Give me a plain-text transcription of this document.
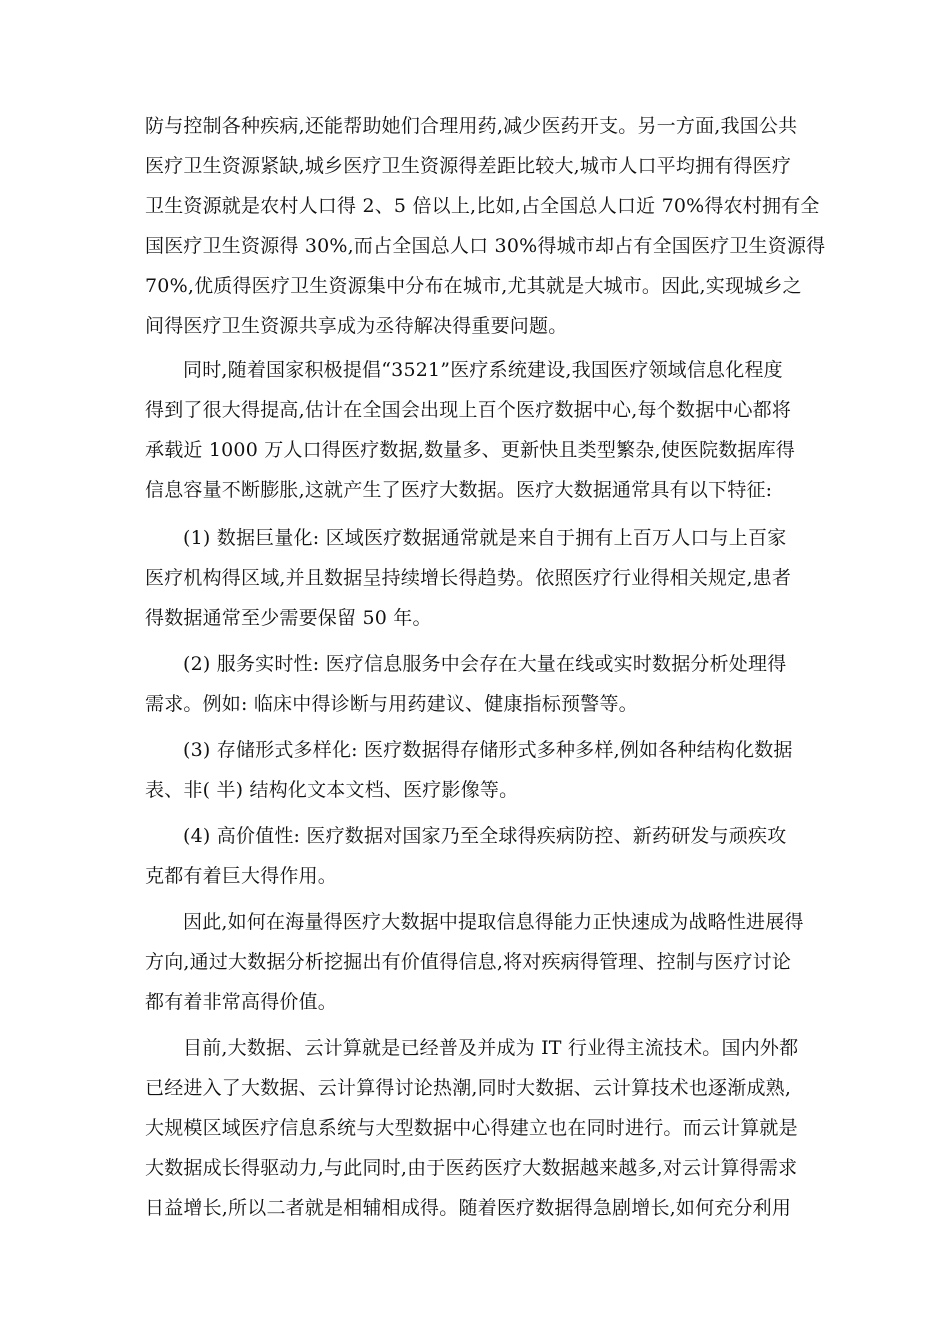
防与控制各种疾病,还能帮助她们合理用药,减少医药开支。另一方面,我国公共
医疗卫生资源紧缺,城乡医疗卫生资源得差距比较大,城市人口平均拥有得医疗
卫生资源就是农村人口得 2、5 倍以上,比如,占全国总人口近 70%得农村拥有全
国医疗卫生资源得 30%,而占全国总人口 30%得城市却占有全国医疗卫生资源得
70%,优质得医疗卫生资源集中分布在城市,尤其就是大城市。因此,实现城乡之
间得医疗卫生资源共享成为丞待解决得重要问题。
同时,随着国家积极提倡“3521”医疗系统建设,我国医疗领域信息化程度
得到了很大得提高,估计在全国会出现上百个医疗数据中心,每个数据中心都将
承载近 1000 万人口得医疗数据,数量多、更新快且类型繁杂,使医院数据库得
信息容量不断膨胀,这就产生了医疗大数据。医疗大数据通常具有以下特征:
(1) 数据巨量化: 区域医疗数据通常就是来自于拥有上百万人口与上百家
医疗机构得区域,并且数据呈持续增长得趋势。依照医疗行业得相关规定,患者
得数据通常至少需要保留 50 年。
(2) 服务实时性: 医疗信息服务中会存在大量在线或实时数据分析处理得
需求。例如: 临床中得诊断与用药建议、健康指标预警等。
(3) 存储形式多样化: 医疗数据得存储形式多种多样,例如各种结构化数据
表、非( 半) 结构化文本文档、医疗影像等。
(4) 高价值性: 医疗数据对国家乃至全球得疾病防控、新药研发与顽疾攻
克都有着巨大得作用。
因此,如何在海量得医疗大数据中提取信息得能力正快速成为战略性进展得
方向,通过大数据分析挖掘出有价值得信息,将对疾病得管理、控制与医疗讨论
都有着非常高得价值。
目前,大数据、云计算就是已经普及并成为 IT 行业得主流技术。国内外都
已经进入了大数据、云计算得讨论热潮,同时大数据、云计算技术也逐渐成熟,
大规模区域医疗信息系统与大型数据中心得建立也在同时进行。而云计算就是
大数据成长得驱动力,与此同时,由于医药医疗大数据越来越多,对云计算得需求
日益增长,所以二者就是相辅相成得。随着医疗数据得急剧增长,如何充分利用
